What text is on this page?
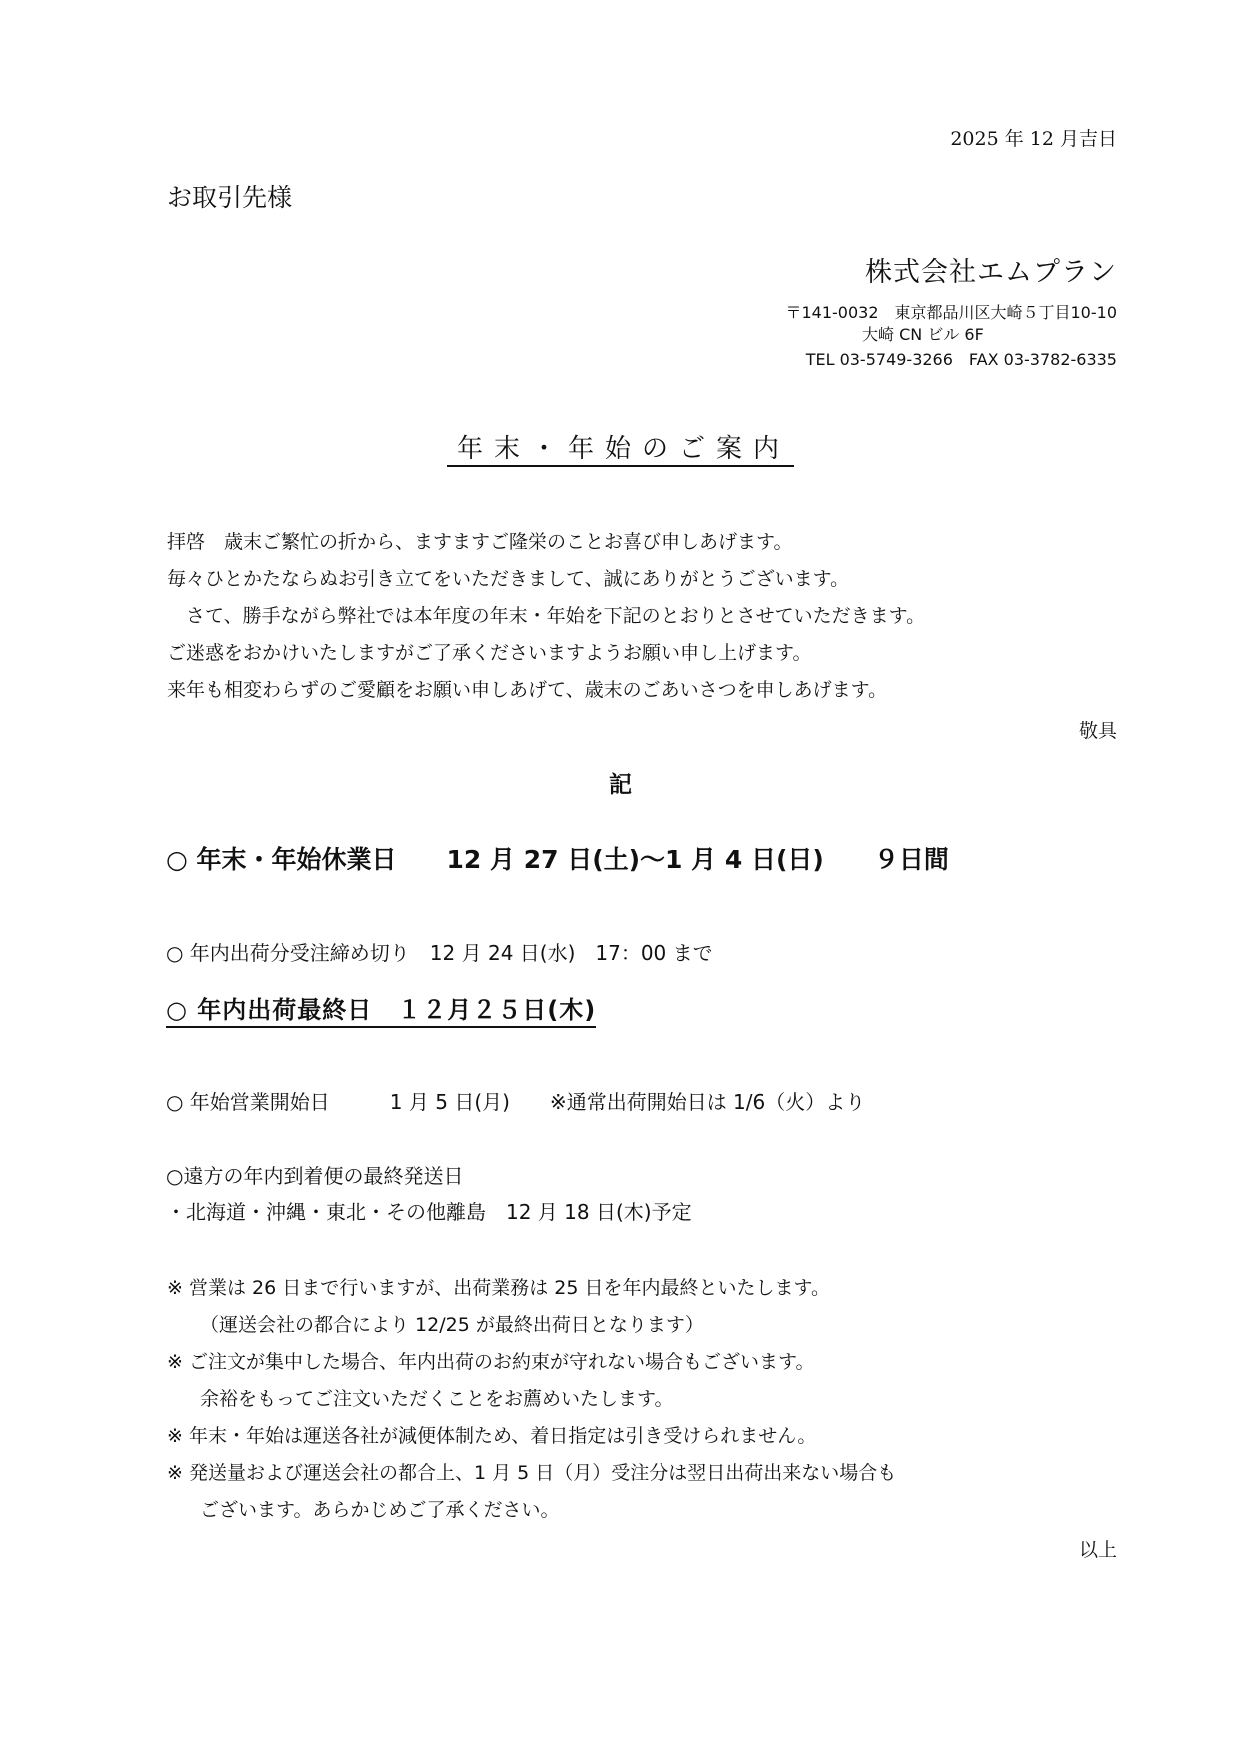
2025 年 12 月吉日
お取引先様
株式会社エムプラン
〒141-0032　東京都品川区大崎５丁目10-10
大崎 CN ビル 6F
TEL 03-5749-3266　FAX 03-3782-6335
年末・年始のご案内
拝啓　歳末ご繁忙の折から、ますますご隆栄のことお喜び申しあげます。
毎々ひとかたならぬお引き立てをいただきまして、誠にありがとうございます。
　さて、勝手ながら弊社では本年度の年末・年始を下記のとおりとさせていただきます。
ご迷惑をおかけいたしますがご了承くださいますようお願い申し上げます。
来年も相変わらずのご愛顧をお願い申しあげて、歳末のごあいさつを申しあげます。
敬具
記
○ 年末・年始休業日　　12 月 27 日(土)～1 月 4 日(日)　　９日間
○ 年内出荷分受注締め切り　12 月 24 日(水)　17：00 まで
○ 年内出荷最終日　１２月２５日(木)
○ 年始営業開始日　　　1 月 5 日(月)　　※通常出荷開始日は 1/6（火）より
○遠方の年内到着便の最終発送日
・北海道・沖縄・東北・その他離島　12 月 18 日(木)予定
※ 営業は 26 日まで行いますが、出荷業務は 25 日を年内最終といたします。
（運送会社の都合により 12/25 が最終出荷日となります）
※ ご注文が集中した場合、年内出荷のお約束が守れない場合もございます。
余裕をもってご注文いただくことをお薦めいたします。
※ 年末・年始は運送各社が減便体制ため、着日指定は引き受けられません。
※ 発送量および運送会社の都合上、1 月 5 日（月）受注分は翌日出荷出来ない場合も
ございます。あらかじめご了承ください。
以上
